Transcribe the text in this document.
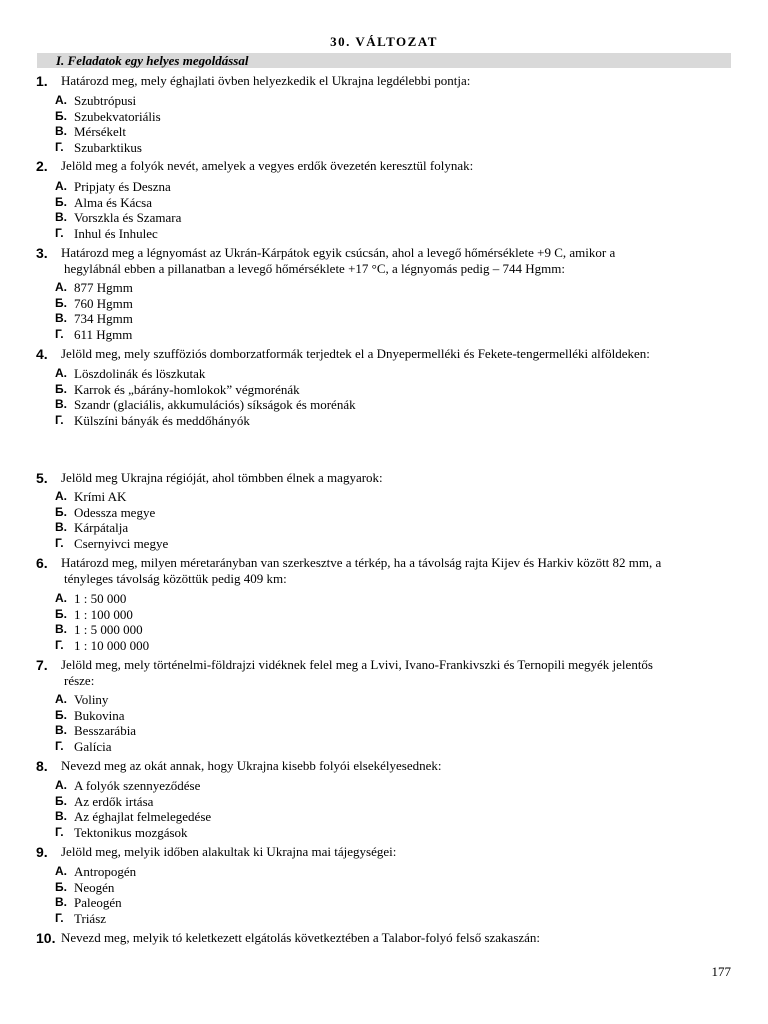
30. VÁLTOZAT
I. Feladatok egy helyes megoldással
1. Határozd meg, mely éghajlati övben helyezkedik el Ukrajna legdélebbi pontja:
А. Szubtrópusi
Б. Szubekvatoriális
В. Mérsékelt
Г. Szubarktikus
2. Jelöld meg a folyók nevét, amelyek a vegyes erdők övezetén keresztül folynak:
А. Pripjaty és Deszna
Б. Alma és Kácsa
В. Vorszkla és Szamara
Г. Inhul és Inhulec
3. Határozd meg a légnyomást az Ukrán-Kárpátok egyik csúcsán, ahol a levegő hőmérséklete +9 C, amikor a
hegylábnál ebben a pillanatban a levegő hőmérséklete +17 °C, a légnyomás pedig – 744 Hgmm:
А. 877 Hgmm
Б. 760 Hgmm
В. 734 Hgmm
Г. 611 Hgmm
4. Jelöld meg, mely szufföziós domborzatformák terjedtek el a Dnyepermelléki és Fekete-tengermelléki alföldeken:
А. Löszdolinák és löszkutak
Б. Karrok és „bárány-homlokok” végmorénák
В. Szandr (glaciális, akkumulációs) síkságok és morénák
Г. Külszíni bányák és meddőhányók
5. Jelöld meg Ukrajna régióját, ahol tömbben élnek a magyarok:
А. Krími AK
Б. Odessza megye
В. Kárpátalja
Г. Csernyivci megye
6. Határozd meg, milyen méretarányban van szerkesztve a térkép, ha a távolság rajta Kijev és Harkiv között 82 mm, a
tényleges távolság közöttük pedig 409 km:
А. 1 : 50 000
Б. 1 : 100 000
В. 1 : 5 000 000
Г. 1 : 10 000 000
7. Jelöld meg, mely történelmi-földrajzi vidéknek felel meg a Lvivi, Ivano-Frankivszki és Ternopili megyék jelentős
része:
А. Voliny
Б. Bukovina
В. Besszarábia
Г. Galícia
8. Nevezd meg az okát annak, hogy Ukrajna kisebb folyói elsekélyesednek:
А. A folyók szennyeződése
Б. Az erdők irtása
В. Az éghajlat felmelegedése
Г. Tektonikus mozgások
9. Jelöld meg, melyik időben alakultak ki Ukrajna mai tájegységei:
А. Antropogén
Б. Neogén
В. Paleogén
Г. Triász
10. Nevezd meg, melyik tó keletkezett elgátolás következtében a Talabor-folyó felső szakaszán:
177
